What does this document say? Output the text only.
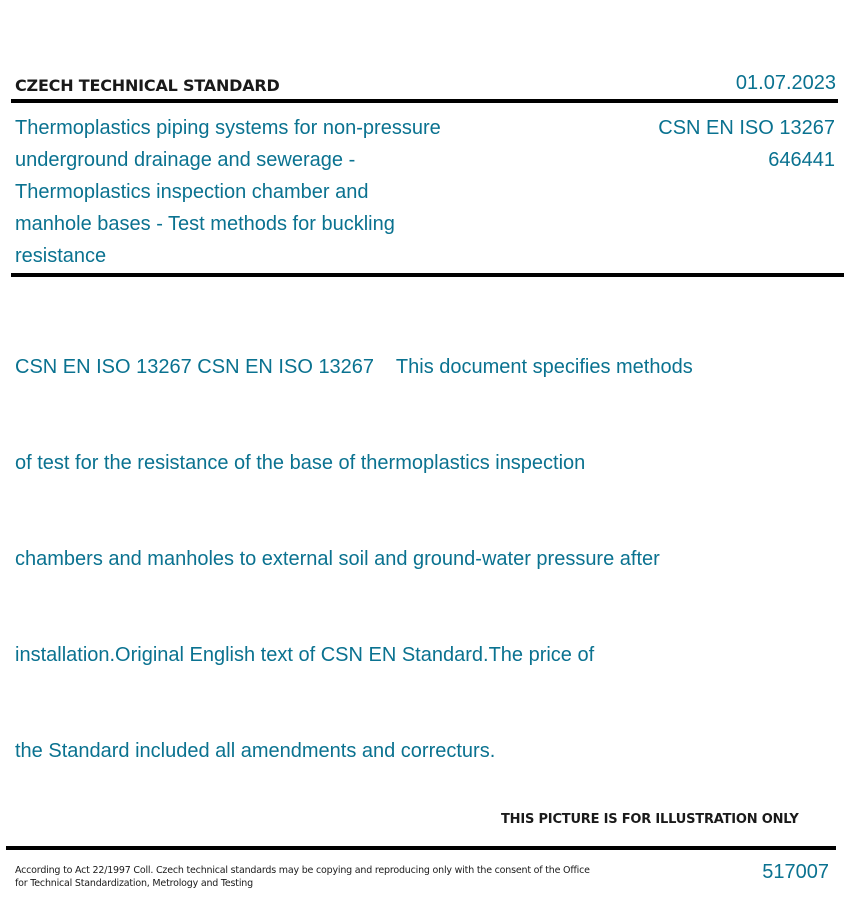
CZECH TECHNICAL STANDARD	01.07.2023
Thermoplastics piping systems for non-pressure
underground drainage and sewerage -
Thermoplastics inspection chamber and
manhole bases - Test methods for buckling
resistance
CSN EN ISO 13267
646441

CSN EN ISO 13267 CSN EN ISO 13267    This document specifies methods

of test for the resistance of the base of thermoplastics inspection

chambers and manholes to external soil and ground-water pressure after

installation.Original English text of CSN EN Standard.The price of

the Standard included all amendments and correcturs.

THIS PICTURE IS FOR ILLUSTRATION ONLY
According to Act 22/1997 Coll. Czech technical standards may be copying and reproducing only with the consent of the Office
for Technical Standardization, Metrology and Testing
517007
